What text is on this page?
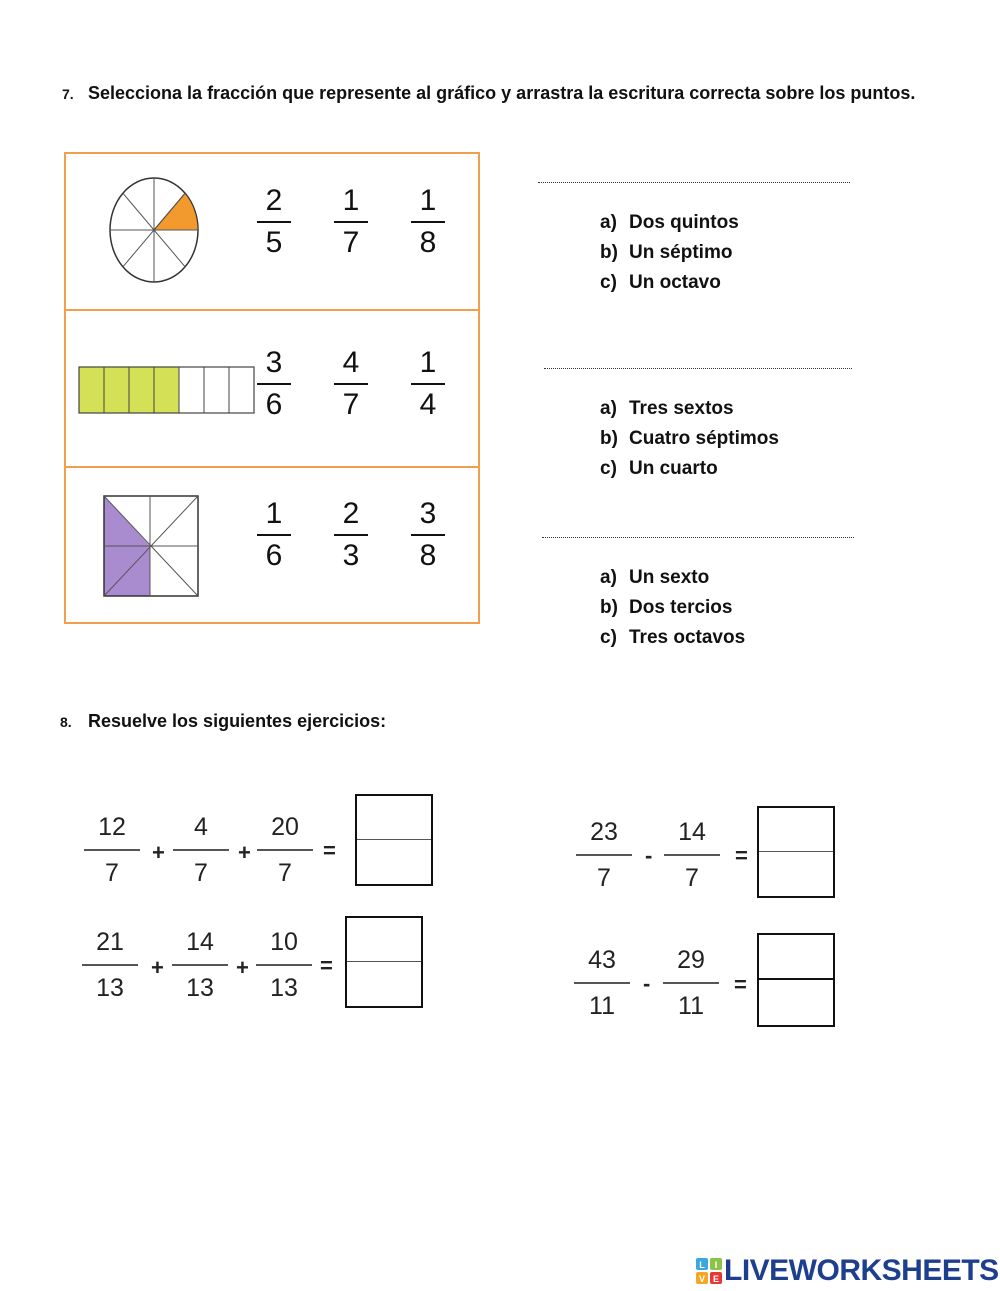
7. Selecciona la fracción que represente al gráfico y arrastra la escritura correcta sobre los puntos.
2
5
1
7
1
8
3
6
4
7
1
4
1
6
2
3
3
8
a) Dos quintos
b) Un séptimo
c) Un octavo
a) Tres sextos
b) Cuatro séptimos
c) Un cuarto
a) Un sexto
b) Dos tercios
c) Tres octavos
8. Resuelve los siguientes ejercicios:
12
7
+
4
7
+
20
7
=
21
13
+
14
13
+
10
13
=
23
7
-
14
7
=
43
11
-
29
11
=
L I
V E LIVEWORKSHEETS
